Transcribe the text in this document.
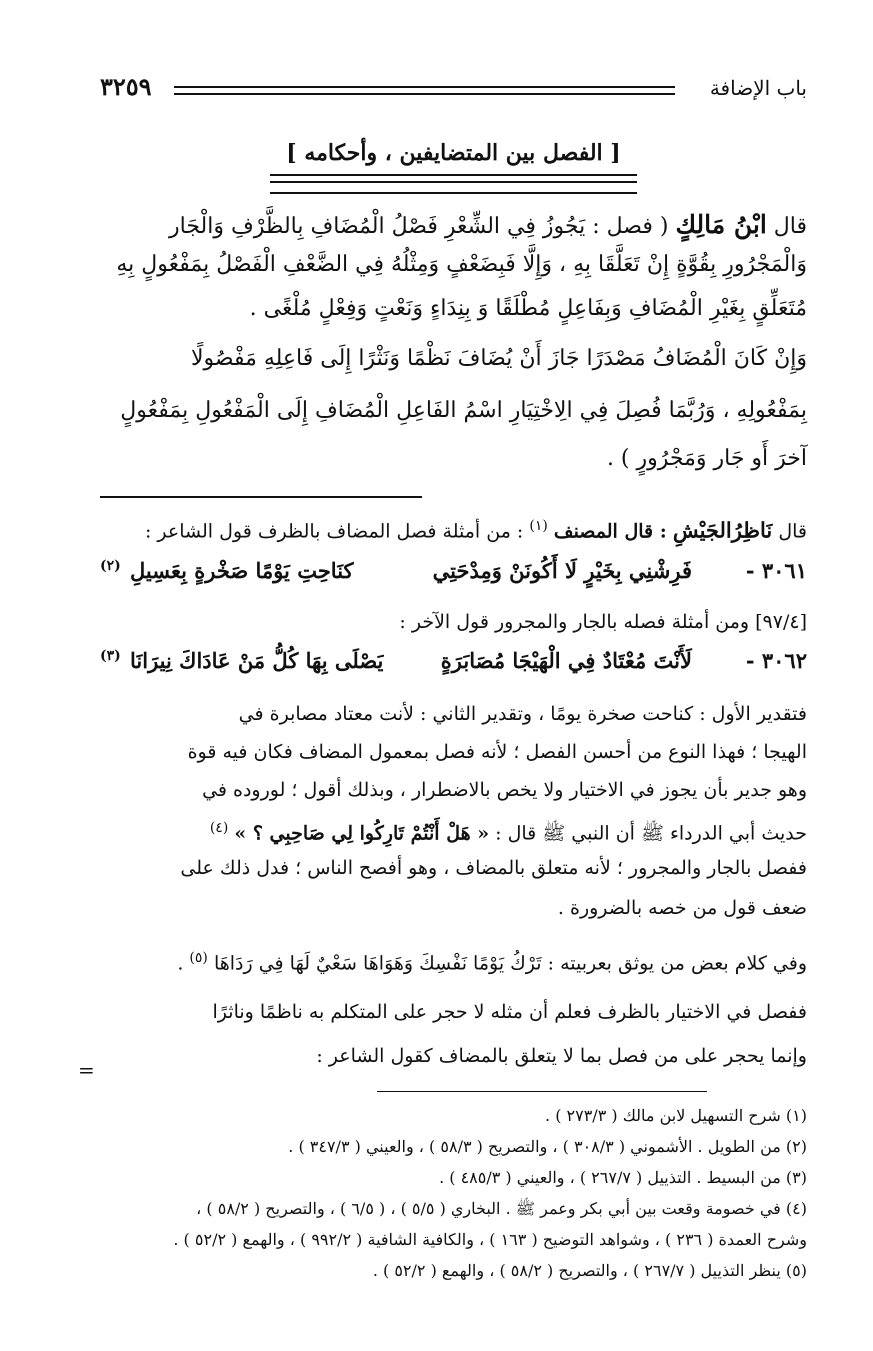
باب الإضافة
٣٢٥٩
[ الفصل بين المتضايفين ، وأحكامه ]
قال ابْنُ مَالِكٍ ( فصل : يَجُوزُ فِي الشِّعْرِ فَصْلُ الْمُضَافِ بِالظَّرْفِ وَالْجَار
وَالْمَجْرُورِ بِقُوَّةٍ إِنْ تَعَلَّقَا بِهِ ، وَإِلَّا فَبِضَعْفٍ وَمِثْلُهُ فِي الضَّعْفِ الْفَصْلُ بِمَفْعُولٍ بِهِ
مُتَعَلِّقٍ بِغَيْرِ الْمُضَافِ وَبِفَاعِلٍ مُطْلَقًا وَ بِنِدَاءٍ وَنَعْتٍ وَفِعْلٍ مُلْغًى .
وَإِنْ كَانَ الْمُضَافُ مَصْدَرًا جَازَ أَنْ يُضَافَ نَظْمًا وَنَثْرًا إِلَى فَاعِلِهِ مَفْصُولًا
بِمَفْعُولِهِ ، وَرُبَّمَا فُصِلَ فِي الِاخْتِيَارِ اسْمُ الفَاعِلِ الْمُضَافِ إِلَى الْمَفْعُولِ بِمَفْعُولٍ
آخرَ أَو جَار وَمَجْرُورٍ ) .
قال نَاظِرُالجَيْشِ : قال المصنف $^{(١)}$ : من أمثلة فصل المضاف بالظرف قول الشاعر :
٣٠٦١ -
فَرِشْنِي بِخَيْرٍ لَا أَكُونَنْ وَمِدْحَتِي
كنَاحِتِ يَوْمًا صَخْرةٍ بِعَسِيلِ
(٢)
[٩٧/٤] ومن أمثلة فصله بالجار والمجرور قول الآخر :
٣٠٦٢ -
لَأَنْتَ مُعْتَادٌ فِي الْهَيْجَا مُصَابَرَةٍ
يَصْلَى بِهَا كُلُّ مَنْ عَادَاكَ نِيرَانَا
(٣)
فتقدير الأول : كناحت صخرة يومًا ، وتقدير الثاني : لأنت معتاد مصابرة في
الهيجا ؛ فهذا النوع من أحسن الفصل ؛ لأنه فصل بمعمول المضاف فكان فيه قوة
وهو جدير بأن يجوز في الاختيار ولا يخص بالاضطرار ، وبذلك أقول ؛ لوروده في
حديث أبي الدرداء ﷺ أن النبي ﷺ قال : « هَلْ أَنْتُمْ تَارِكُوا لِي صَاحِبِي ؟ » $^{(٤)}$
ففصل بالجار والمجرور ؛ لأنه متعلق بالمضاف ، وهو أفصح الناس ؛ فدل ذلك على
ضعف قول من خصه بالضرورة .
وفي كلام بعض من يوثق بعربيته : تَرْكُ يَوْمًا نَفْسِكَ وَهَوَاهَا سَعْيٌ لَهَا فِي رَدَاهَا $^{(٥)}$ .
ففصل في الاختيار بالظرف فعلم أن مثله لا حجر على المتكلم به ناظمًا وناثرًا
وإنما يحجر على من فصل بما لا يتعلق بالمضاف كقول الشاعر :
(١) شرح التسهيل لابن مالك ( ٢٧٣/٣ ) .
(٢) من الطويل . الأشموني ( ٣٠٨/٣ ) ، والتصريح ( ٥٨/٣ ) ، والعيني ( ٣٤٧/٣ ) .
(٣) من البسيط . التذييل ( ٢٦٧/٧ ) ، والعيني ( ٤٨٥/٣ ) .
(٤) في خصومة وقعت بين أبي بكر وعمر ﷺ . البخاري ( ٥/٥ ) ، ( ٦/٥ ) ، والتصريح ( ٥٨/٢ ) ،
وشرح العمدة ( ٢٣٦ ) ، وشواهد التوضيح ( ١٦٣ ) ، والكافية الشافية ( ٩٩٢/٢ ) ، والهمع ( ٥٢/٢ ) .
(٥) ينظر التذييل ( ٢٦٧/٧ ) ، والتصريح ( ٥٨/٢ ) ، والهمع ( ٥٢/٢ ) .
=
